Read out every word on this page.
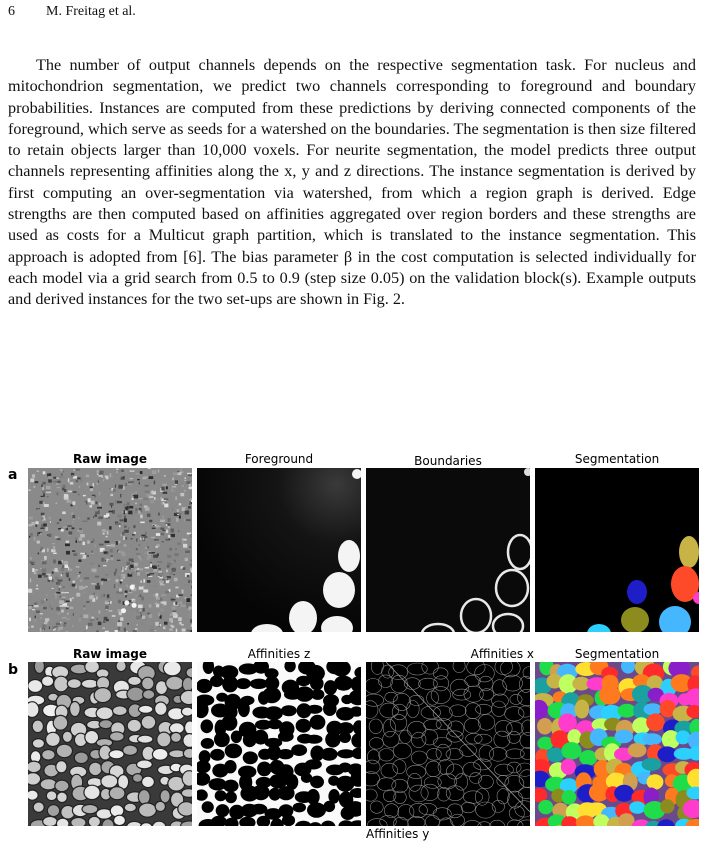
6 M. Freitag et al.

The number of output channels depends on the respective segmentation task. For nucleus and mitochondrion segmentation, we predict two channels corresponding to foreground and boundary probabilities. Instances are computed from these predictions by deriving connected components of the foreground, which serve as seeds for a watershed on the boundaries. The segmentation is then size filtered to retain objects larger than 10,000 voxels. For neurite segmentation, the model predicts three output channels representing affinities along the x, y and z directions. The instance segmentation is derived by first computing an over-segmentation via watershed, from which a region graph is derived. Edge strengths are then computed based on affinities aggregated over region borders and these strengths are used as costs for a Multicut graph partition, which is translated to the instance segmentation. This approach is adopted from [6]. The bias parameter β in the cost computation is selected individually for each model via a grid search from 0.5 to 0.9 (step size 0.05) on the validation block(s). Example outputs and derived instances for the two set-ups are shown in Fig. 2.

a
Raw image	Foreground	Boundaries	Segmentation
b
Raw image	Affinities z	Affinities x	Segmentation
Affinities y
